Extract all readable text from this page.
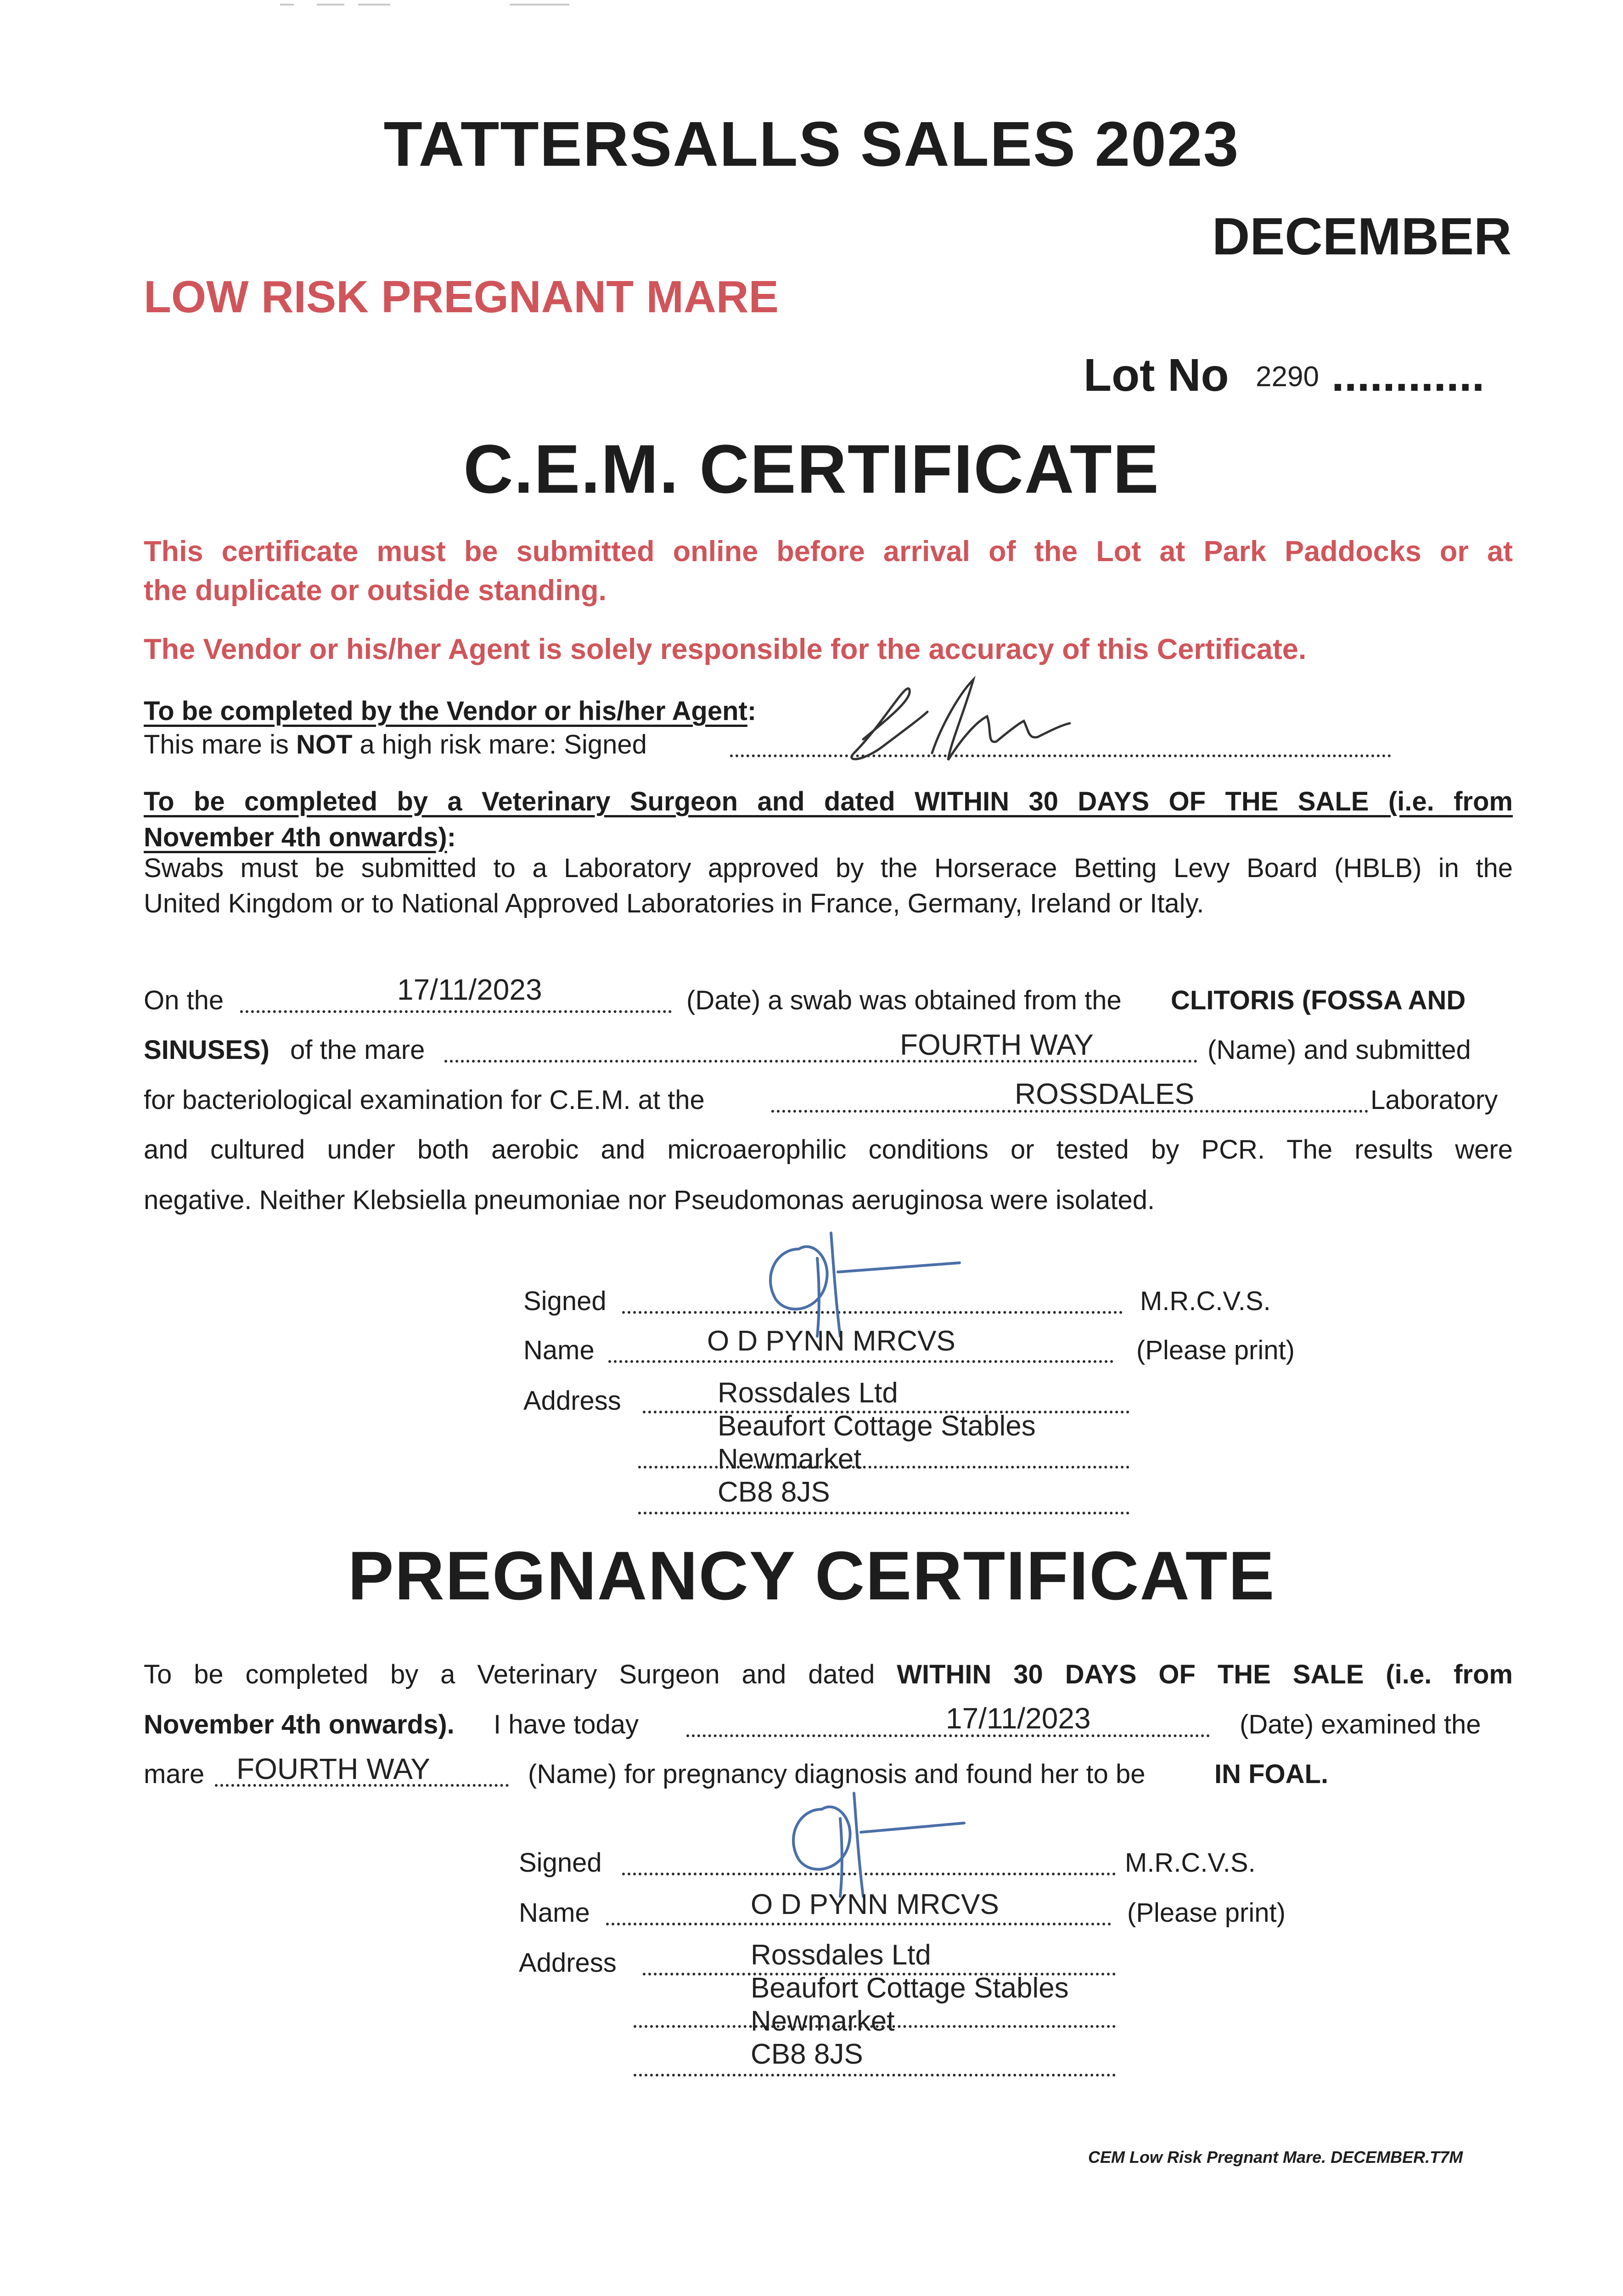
TATTERSALLS SALES 2023
DECEMBER
LOW RISK PREGNANT MARE
Lot No 2290 ............
C.E.M. CERTIFICATE
This certificate must be submitted online before arrival of the Lot at Park Paddocks or at
the duplicate or outside standing.
The Vendor or his/her Agent is solely responsible for the accuracy of this Certificate.
To be completed by the Vendor or his/her Agent:
This mare is NOT a high risk mare: Signed
To be completed by a Veterinary Surgeon and dated WITHIN 30 DAYS OF THE SALE (i.e. from
November 4th onwards):
Swabs must be submitted to a Laboratory approved by the Horserace Betting Levy Board (HBLB) in the
United Kingdom or to National Approved Laboratories in France, Germany, Ireland or Italy.
On the	17/11/2023	(Date) a swab was obtained from the CLITORIS (FOSSA AND
SINUSES) of the mare	FOURTH WAY	(Name) and submitted
for bacteriological examination for C.E.M. at the	ROSSDALES	Laboratory
and cultured under both aerobic and microaerophilic conditions or tested by PCR. The results were
negative. Neither Klebsiella pneumoniae nor Pseudomonas aeruginosa were isolated.
Signed	M.R.C.V.S.
Name	O D PYNN MRCVS	(Please print)
Address	Rossdales Ltd
Beaufort Cottage Stables
Newmarket
CB8 8JS
PREGNANCY CERTIFICATE
To be completed by a Veterinary Surgeon and dated WITHIN 30 DAYS OF THE SALE (i.e. from
November 4th onwards). I have today	17/11/2023	(Date) examined the
mare FOURTH WAY	(Name) for pregnancy diagnosis and found her to be	IN FOAL.
Signed	M.R.C.V.S.
Name	O D PYNN MRCVS	(Please print)
Address	Rossdales Ltd
Beaufort Cottage Stables
Newmarket
CB8 8JS
CEM Low Risk Pregnant Mare. DECEMBER.T7M
